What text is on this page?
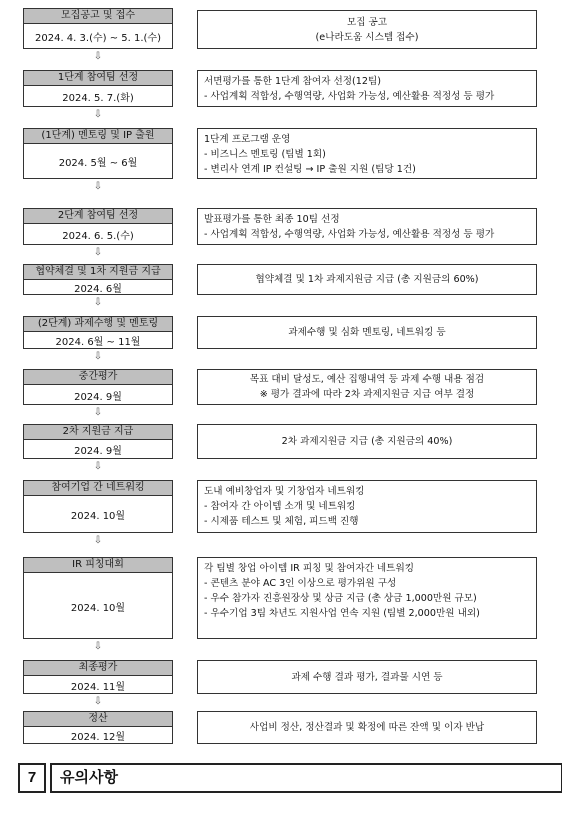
모집공고 및 접수
2024. 4. 3.(수) ~ 5. 1.(수)
모집 공고
(e나라도움 시스템 접수)
⇩
1단계 참여팀 선정
2024. 5. 7.(화)
서면평가를 통한 1단계 참여자 선정(12팀)
- 사업계획 적합성, 수행역량, 사업화 가능성, 예산활용 적정성 등 평가
⇩
(1단계) 멘토링 및 IP 출원
2024. 5월 ~ 6월
1단계 프로그램 운영
- 비즈니스 멘토링 (팀별 1회)
- 변리사 연계 IP 컨설팅 → IP 출원 지원 (팀당 1건)
⇩
2단계 참여팀 선정
2024. 6. 5.(수)
발표평가를 통한 최종 10팀 선정
- 사업계획 적합성, 수행역량, 사업화 가능성, 예산활용 적정성 등 평가
⇩
협약체결 및 1차 지원금 지급
2024. 6월
협약체결 및 1차 과제지원금 지급 (총 지원금의 60%)
⇩
(2단계) 과제수행 및 멘토링
2024. 6월 ~ 11월
과제수행 및 심화 멘토링, 네트워킹 등
⇩
중간평가
2024. 9월
목표 대비 달성도, 예산 집행내역 등 과제 수행 내용 점검
※ 평가 결과에 따라 2차 과제지원금 지급 여부 결정
⇩
2차 지원금 지급
2024. 9월
2차 과제지원금 지급 (총 지원금의 40%)
⇩
참여기업 간 네트워킹
2024. 10월
도내 예비창업자 및 기창업자 네트워킹
- 참여자 간 아이템 소개 및 네트워킹
- 시제품 테스트 및 체험, 피드백 진행
⇩
IR 피칭대회
2024. 10월
각 팀별 창업 아이템 IR 피칭 및 참여자간 네트워킹
- 콘텐츠 분야 AC 3인 이상으로 평가위원 구성
- 우수 참가자 진흥원장상 및 상금 지급 (총 상금 1,000만원 규모)
- 우수기업 3팀 차년도 지원사업 연속 지원 (팀별 2,000만원 내외)
⇩
최종평가
2024. 11월
과제 수행 결과 평가, 결과물 시연 등
⇩
정산
2024. 12월
사업비 정산, 정산결과 및 확정에 따른 잔액 및 이자 반납
7	유의사항
